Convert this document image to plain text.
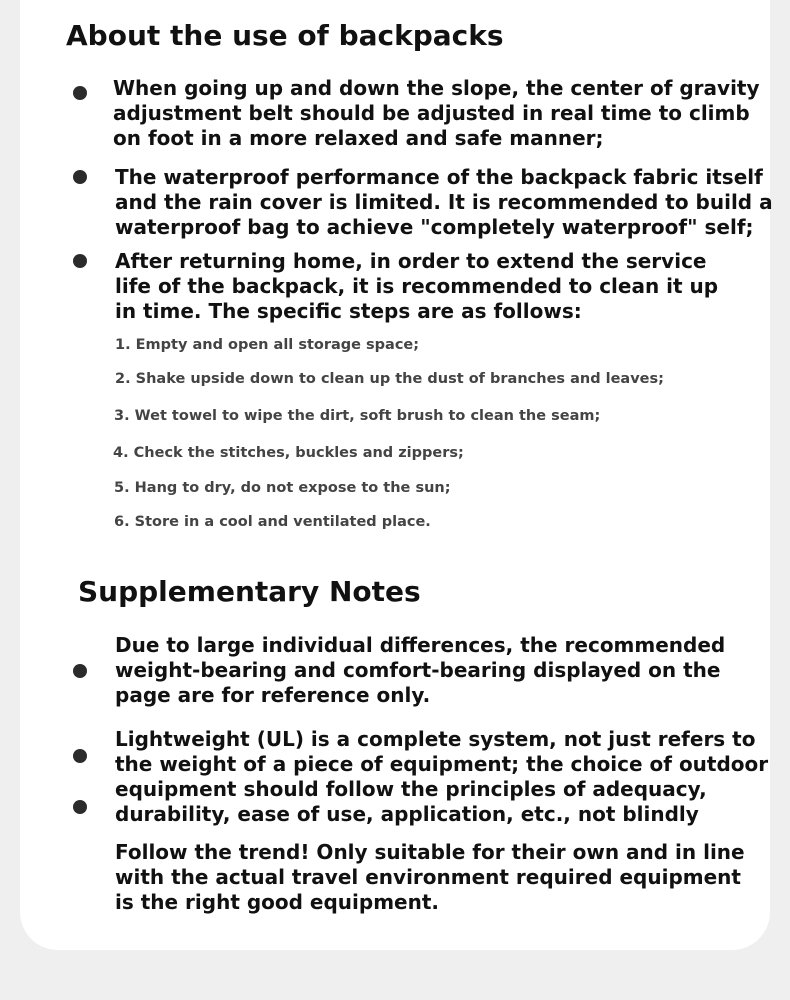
About the use of backpacks

When going up and down the slope, the center of gravity
adjustment belt should be adjusted in real time to climb
on foot in a more relaxed and safe manner;

The waterproof performance of the backpack fabric itself
and the rain cover is limited. It is recommended to build a
waterproof bag to achieve "completely waterproof" self;

After returning home, in order to extend the service
life of the backpack, it is recommended to clean it up
in time. The specific steps are as follows:

1. Empty and open all storage space;

2. Shake upside down to clean up the dust of branches and leaves;

3. Wet towel to wipe the dirt, soft brush to clean the seam;

4. Check the stitches, buckles and zippers;

5. Hang to dry, do not expose to the sun;

6. Store in a cool and ventilated place.

Supplementary Notes

Due to large individual differences, the recommended
weight-bearing and comfort-bearing displayed on the
page are for reference only.

Lightweight (UL) is a complete system, not just refers to
the weight of a piece of equipment; the choice of outdoor
equipment should follow the principles of adequacy,
durability, ease of use, application, etc., not blindly

Follow the trend! Only suitable for their own and in line
with the actual travel environment required equipment
is the right good equipment.
